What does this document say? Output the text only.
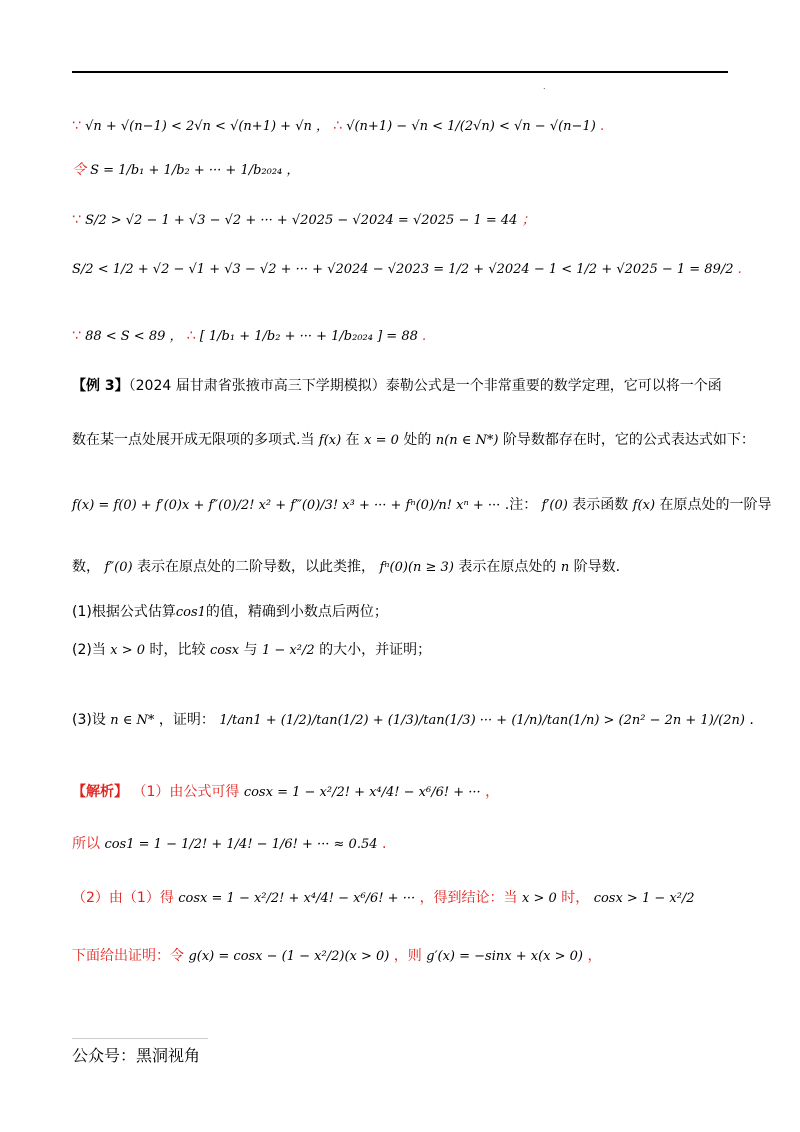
.
∵ √n + √(n−1) < 2√n < √(n+1) + √n ， ∴ √(n+1) − √n < 1/(2√n) < √n − √(n−1) .
令 S = 1/b₁ + 1/b₂ + ··· + 1/b₂₀₂₄ ，
∵ S/2 > √2 − 1 + √3 − √2 + ··· + √2025 − √2024 = √2025 − 1 = 44 ；
S/2 < 1/2 + √2 − √1 + √3 − √2 + ··· + √2024 − √2023 = 1/2 + √2024 − 1 < 1/2 + √2025 − 1 = 89/2 .
∵ 88 < S < 89 ， ∴ [ 1/b₁ + 1/b₂ + ··· + 1/b₂₀₂₄ ] = 88 .
【例 3】（2024 届甘肃省张掖市高三下学期模拟）泰勒公式是一个非常重要的数学定理，它可以将一个函
数在某一点处展开成无限项的多项式.当 f(x) 在 x = 0 处的 n(n ∈ N*) 阶导数都存在时，它的公式表达式如下：
f(x) = f(0) + f′(0)x + f″(0)/2! x² + f‴(0)/3! x³ + ··· + fⁿ(0)/n! xⁿ + ··· .注： f′(0) 表示函数 f(x) 在原点处的一阶导
数， f″(0) 表示在原点处的二阶导数，以此类推， fⁿ(0)(n ≥ 3) 表示在原点处的 n 阶导数.
(1)根据公式估算cos1的值，精确到小数点后两位；
(2)当 x > 0 时，比较 cosx 与 1 − x²/2 的大小，并证明；
(3)设 n ∈ N* ，证明： 1/tan1 + (1/2)/tan(1/2) + (1/3)/tan(1/3) ··· + (1/n)/tan(1/n) > (2n² − 2n + 1)/(2n) .
【解析】 （1）由公式可得 cosx = 1 − x²/2! + x⁴/4! − x⁶/6! + ··· ，
所以 cos1 = 1 − 1/2! + 1/4! − 1/6! + ··· ≈ 0.54 .
（2）由（1）得 cosx = 1 − x²/2! + x⁴/4! − x⁶/6! + ··· ，得到结论：当 x > 0 时， cosx > 1 − x²/2
下面给出证明：令 g(x) = cosx − (1 − x²/2)(x > 0) ，则 g′(x) = −sinx + x(x > 0) ，
公众号：黑洞视角
